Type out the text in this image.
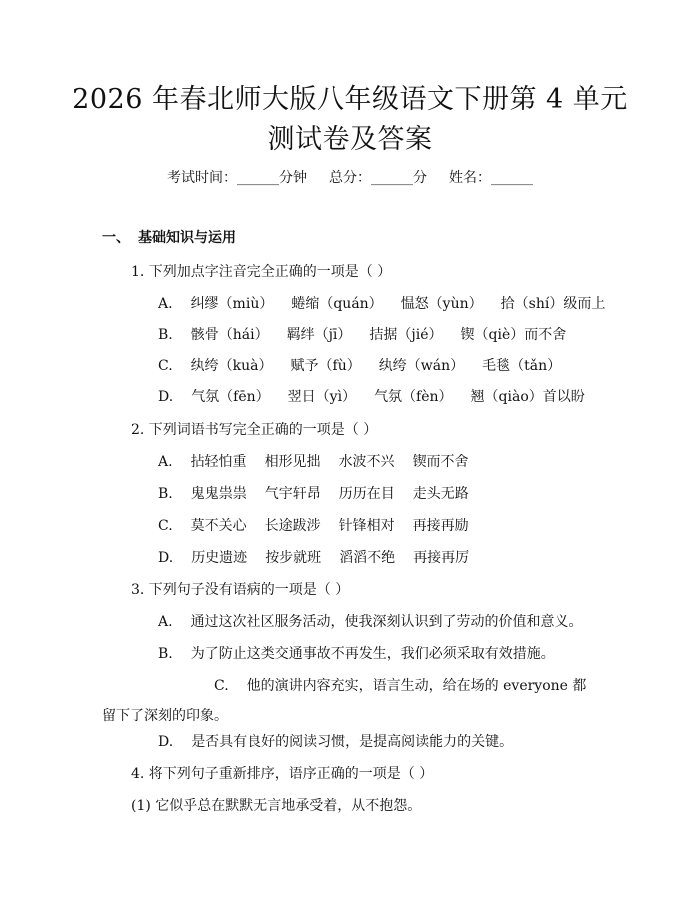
2026 年春北师大版八年级语文下册第 4 单元
测试卷及答案
考试时间：______分钟 总分：______分 姓名：______
一、 基础知识与运用
1. 下列加点字注音完全正确的一项是（ ）
A. 纠缪（miù） 蜷缩（quán） 愠怒（yùn） 拾（shí）级而上
B. 骸骨（hái） 羁绊（jī） 拮据（jié） 锲（qiè）而不舍
C. 纨绔（kuà） 赋予（fù） 纨绔（wán） 毛毯（tǎn）
D. 气氛（fēn） 翌日（yì） 气氛（fèn） 翘（qiào）首以盼
2. 下列词语书写完全正确的一项是（ ）
A. 拈轻怕重 相形见拙 水波不兴 锲而不舍
B. 鬼鬼祟祟 气宇轩昂 历历在目 走头无路
C. 莫不关心 长途跋涉 针锋相对 再接再励
D. 历史遗迹 按步就班 滔滔不绝 再接再厉
3. 下列句子没有语病的一项是（ ）
A. 通过这次社区服务活动，使我深刻认识到了劳动的价值和意义。
B. 为了防止这类交通事故不再发生，我们必须采取有效措施。
C. 他的演讲内容充实，语言生动，给在场的 everyone 都留下了深刻的印象。
D. 是否具有良好的阅读习惯，是提高阅读能力的关键。
4. 将下列句子重新排序，语序正确的一项是（ ）
(1) 它似乎总在默默无言地承受着，从不抱怨。
